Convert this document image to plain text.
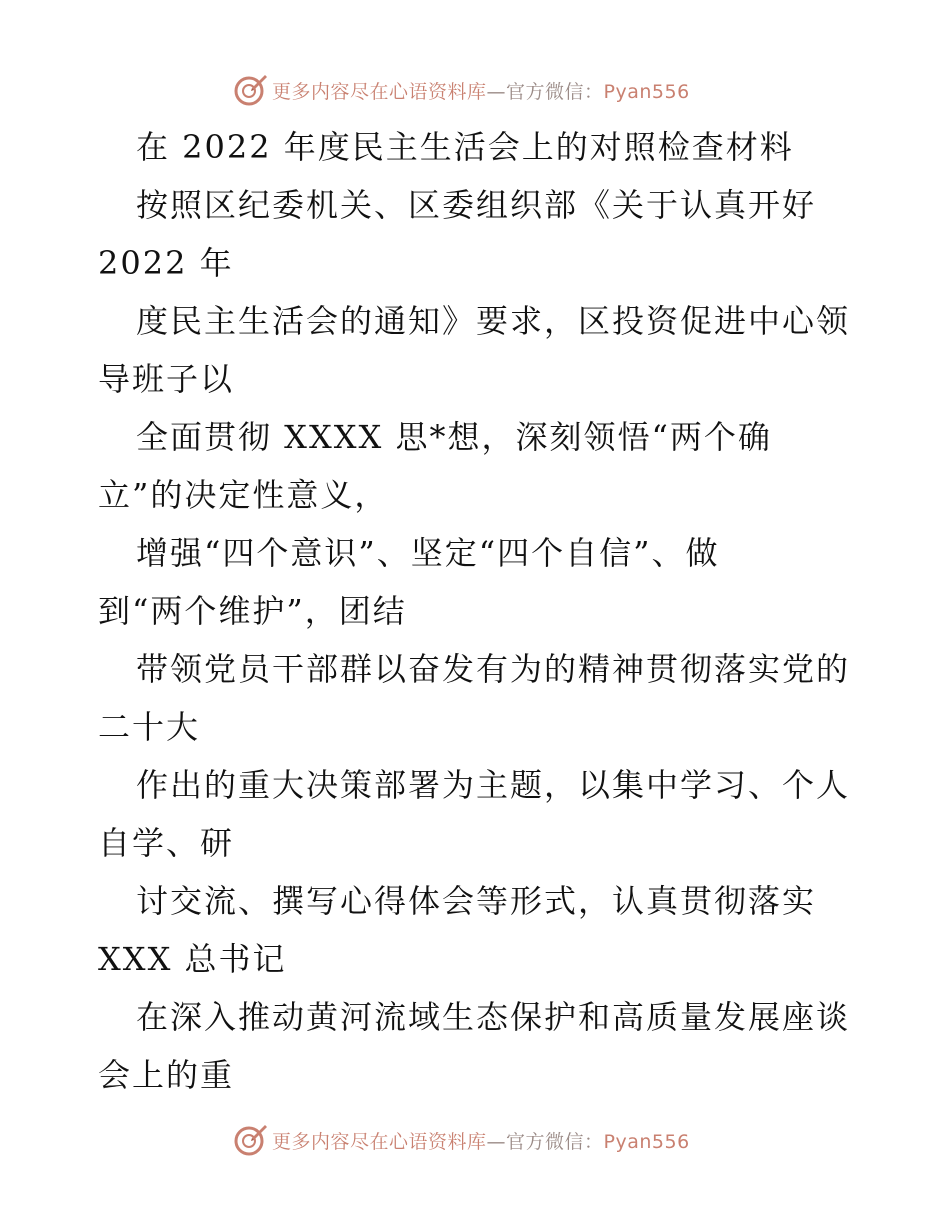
更多内容尽在心语资料库—官方微信：Pyan556
在 2022 年度民主生活会上的对照检查材料
按照区纪委机关、区委组织部《关于认真开好
2022 年
度民主生活会的通知》要求，区投资促进中心领
导班子以
全面贯彻 XXXX 思*想，深刻领悟“两个确
立”的决定性意义，
增强“四个意识”、坚定“四个自信”、做
到“两个维护”，团结
带领党员干部群以奋发有为的精神贯彻落实党的
二十大
作出的重大决策部署为主题，以集中学习、个人
自学、研
讨交流、撰写心得体会等形式，认真贯彻落实
XXX 总书记
在深入推动黄河流域生态保护和高质量发展座谈
会上的重
更多内容尽在心语资料库—官方微信：Pyan556
